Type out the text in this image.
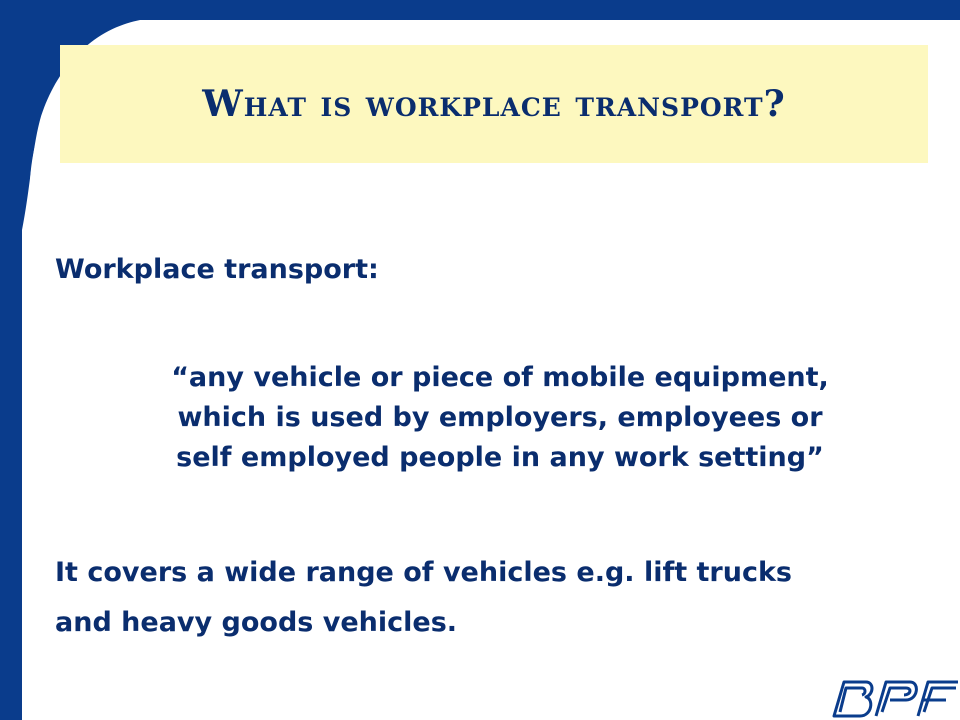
What is workplace transport?
Workplace transport:
“any vehicle or piece of mobile equipment,
which is used by employers, employees or
self employed people in any work setting”
It covers a wide range of vehicles e.g. lift trucks
and heavy goods vehicles.
